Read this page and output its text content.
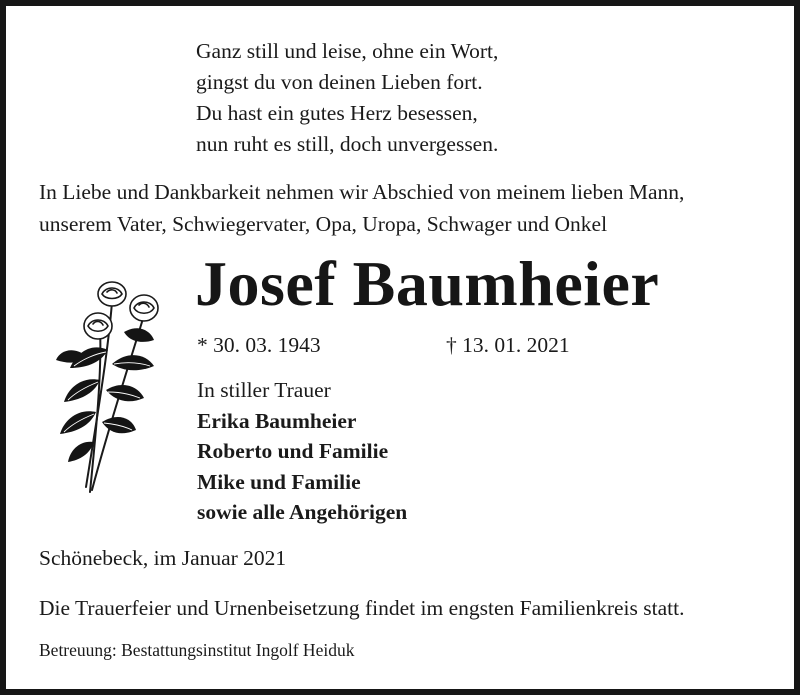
Ganz still und leise, ohne ein Wort,
gingst du von deinen Lieben fort.
Du hast ein gutes Herz besessen,
nun ruht es still, doch unvergessen.
In Liebe und Dankbarkeit nehmen wir Abschied von meinem lieben Mann,
unserem Vater, Schwiegervater, Opa, Uropa, Schwager und Onkel
Josef Baumheier
* 30. 03. 1943	† 13. 01. 2021
In stiller Trauer
Erika Baumheier
Roberto und Familie
Mike und Familie
sowie alle Angehörigen
Schönebeck, im Januar 2021
Die Trauerfeier und Urnenbeisetzung findet im engsten Familienkreis statt.
Betreuung: Bestattungsinstitut Ingolf Heiduk
